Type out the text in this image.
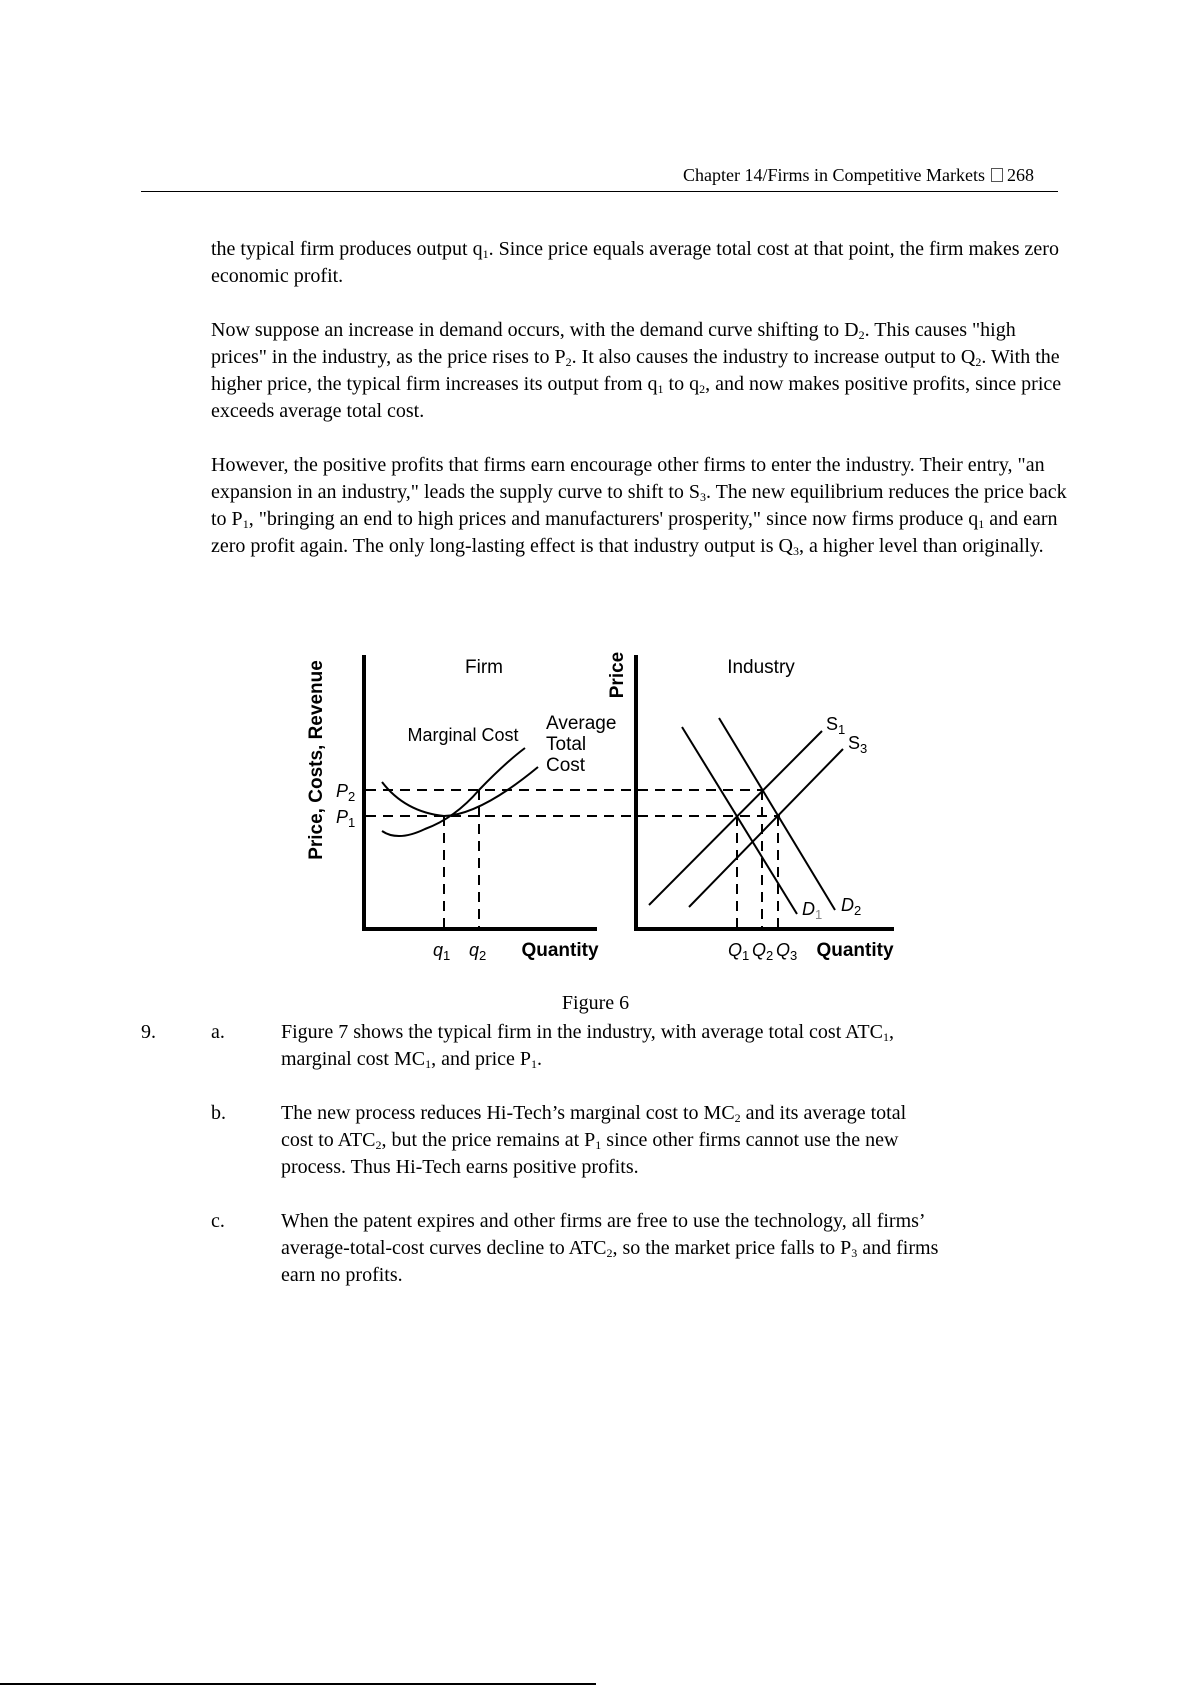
Chapter 14/Firms in Competitive Markets 268
the typical firm produces output $q_1$. Since price equals average total cost at that point, the firm makes zero economic profit.
Now suppose an increase in demand occurs, with the demand curve shifting to $D_2$. This causes "high prices" in the industry, as the price rises to $P_2$. It also causes the industry to increase output to $Q_2$. With the higher price, the typical firm increases its output from $q_1$ to $q_2$, and now makes positive profits, since price exceeds average total cost.
However, the positive profits that firms earn encourage other firms to enter the industry. Their entry, "an expansion in an industry," leads the supply curve to shift to $S_3$. The new equilibrium reduces the price back to $P_1$, "bringing an end to high prices and manufacturers' prosperity," since now firms produce $q_1$ and earn zero profit again. The only long-lasting effect is that industry output is $Q_3$, a higher level than originally.
Firm
Price, Costs, Revenue
Quantity
Marginal Cost
Average
Total
Cost
$P_2$
$P_1$
$q_1$ $q_2$
Industry
Price
Quantity
$S_1$
$S_3$
$D_1$ $D_2$
$Q_1$ $Q_2$ $Q_3$
Figure 6
9.	a.	Figure 7 shows the typical firm in the industry, with average total cost $ATC_1$,
marginal cost $MC_1$, and price $P_1$.
b.	The new process reduces Hi-Tech’s marginal cost to $MC_2$ and its average total
cost to $ATC_2$, but the price remains at $P_1$ since other firms cannot use the new
process. Thus Hi-Tech earns positive profits.
c.	When the patent expires and other firms are free to use the technology, all firms’
average-total-cost curves decline to $ATC_2$, so the market price falls to $P_3$ and firms
earn no profits.
